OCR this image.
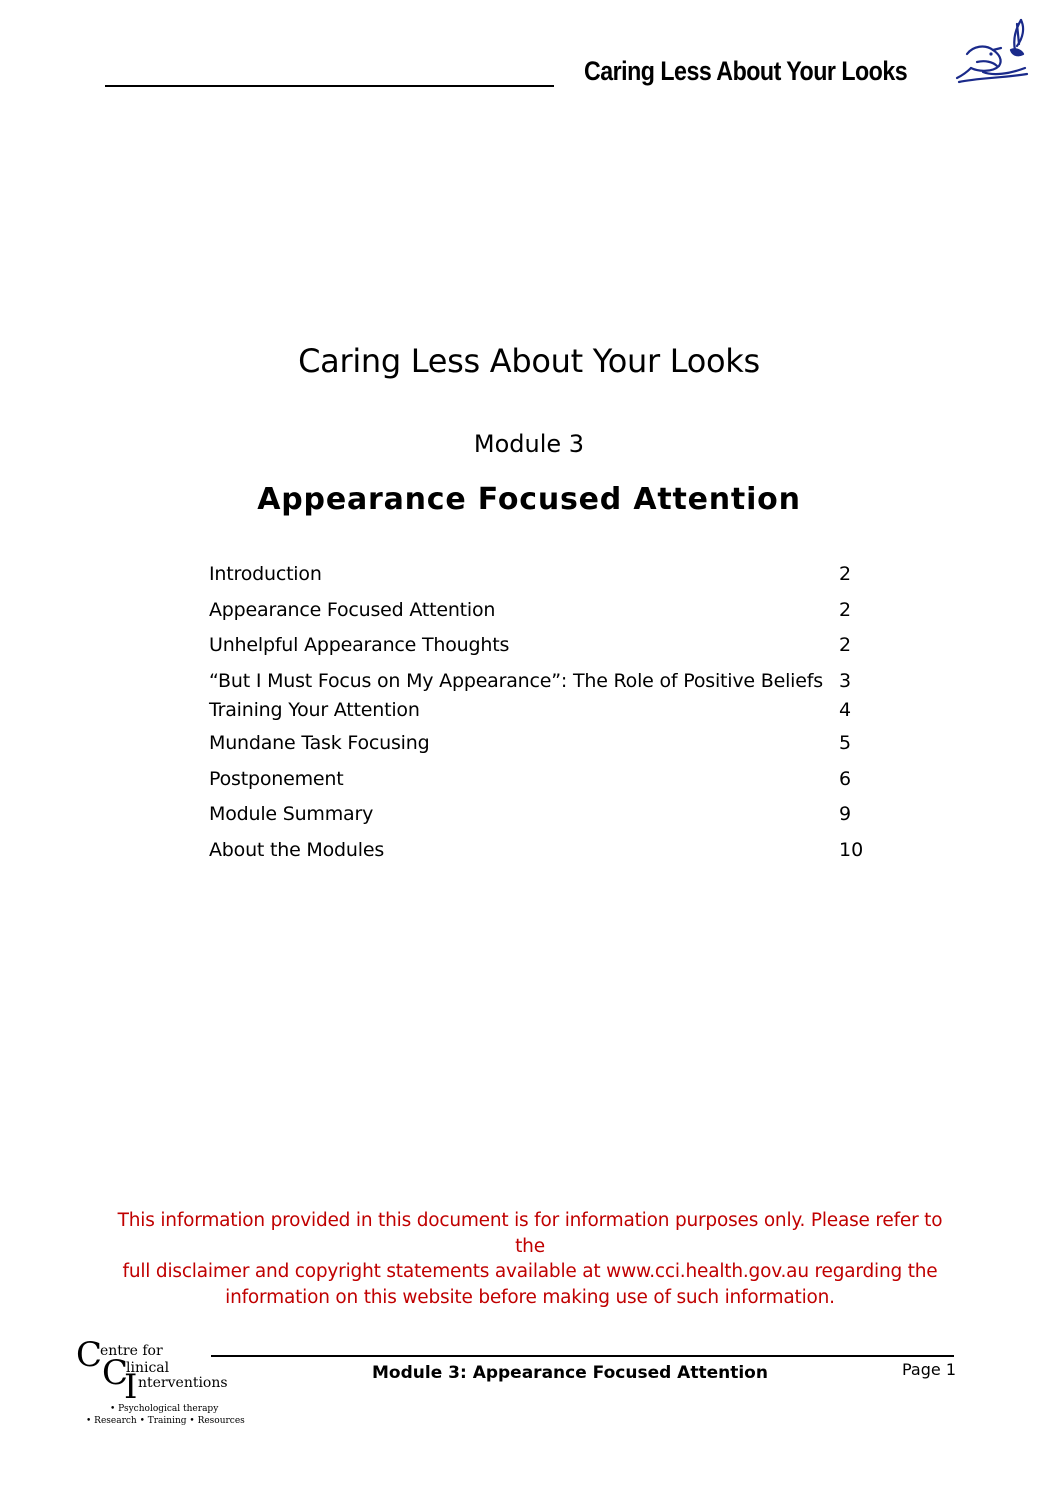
Caring Less About Your Looks
Caring Less About Your Looks
Module 3
Appearance Focused Attention
Introduction	2
Appearance Focused Attention	2
Unhelpful Appearance Thoughts	2
“But I Must Focus on My Appearance”: The Role of Positive Beliefs 3
Training Your Attention	4
Mundane Task Focusing	5
Postponement	6
Module Summary	9
About the Modules	10
This information provided in this document is for information purposes only. Please refer to the
full disclaimer and copyright statements available at www.cci.health.gov.au regarding the
information on this website before making use of such information.
C
entre for
C
linical
I nterventions
• Psychological therapy
• Research • Training • Resources
Module 3: Appearance Focused Attention	Page 1
